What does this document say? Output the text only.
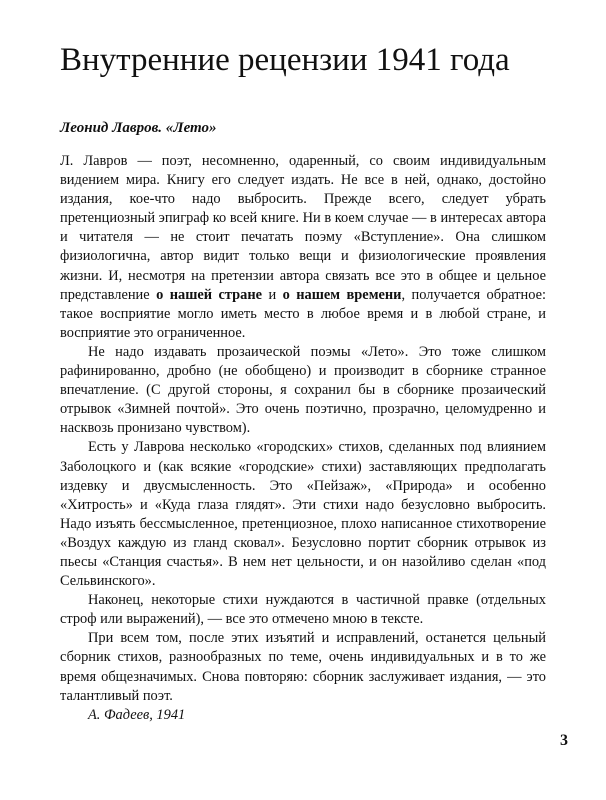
Внутренние рецензии 1941 года
Леонид Лавров. «Лето»

Л. Лавров — поэт, несомненно, одаренный, со своим индивидуальным видением мира. Книгу его следует издать. Не все в ней, однако, достойно издания, кое-что надо выбросить. Прежде всего, следует убрать претенциозный эпиграф ко всей книге. Ни в коем случае — в интересах автора и читателя — не стоит печатать поэму «Вступление». Она слишком физиологична, автор видит только вещи и физиологические проявления жизни. И, несмотря на претензии автора связать все это в общее и цельное представление о нашей стране и о нашем времени, получается обратное: такое восприятие могло иметь место в любое время и в любой стране, и восприятие это ограниченное.

Не надо издавать прозаической поэмы «Лето». Это тоже слишком рафинированно, дробно (не обобщено) и производит в сборнике странное впечатление. (С другой стороны, я сохранил бы в сборнике прозаический отрывок «Зимней почтой». Это очень поэтично, прозрачно, целомудренно и насквозь пронизано чувством).

Есть у Лаврова несколько «городских» стихов, сделанных под влиянием Заболоцкого и (как всякие «городские» стихи) заставляющих предполагать издевку и двусмысленность. Это «Пейзаж», «Природа» и особенно «Хитрость» и «Куда глаза глядят». Эти стихи надо безусловно выбросить. Надо изъять бессмысленное, претенциозное, плохо написанное стихотворение «Воздух каждую из гланд сковал». Безусловно портит сборник отрывок из пьесы «Станция счастья». В нем нет цельности, и он назойливо сделан «под Сельвинского».

Наконец, некоторые стихи нуждаются в частичной правке (отдельных строф или выражений), — все это отмечено мною в тексте.

При всем том, после этих изъятий и исправлений, останется цельный сборник стихов, разнообразных по теме, очень индивидуальных и в то же время общезначимых. Снова повторяю: сборник заслуживает издания, — это талантливый поэт.

А. Фадеев, 1941

3
